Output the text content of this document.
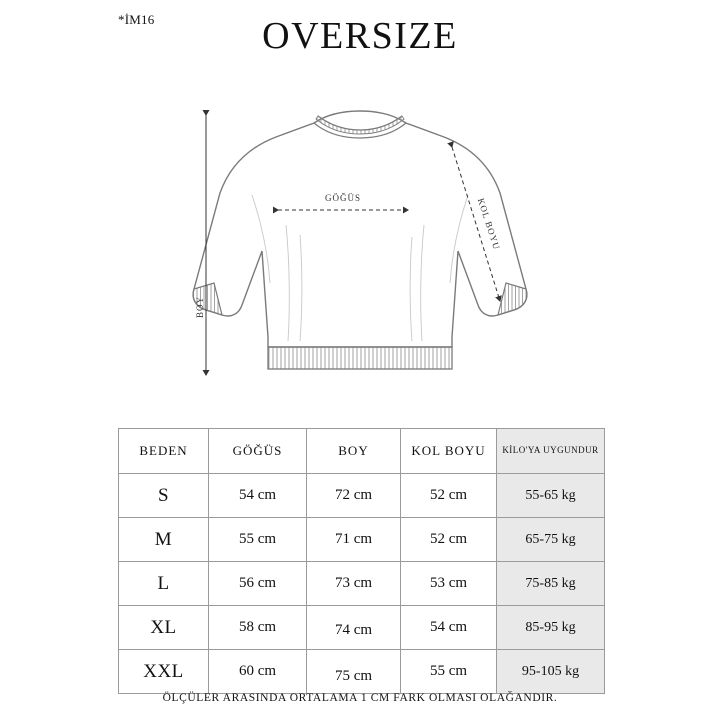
*İM16	OVERSIZE
BOY
GÖĞÜS	KOL BOYU
BEDEN	GÖĞÜS	BOY	KOL BOYU	KİLO'YA UYGUNDUR
S	54 cm	72 cm	52 cm	55-65 kg
M	55 cm	71 cm	52 cm	65-75 kg
L	56 cm	73 cm	53 cm	75-85 kg
XL	58 cm	74 cm	54 cm	85-95 kg
XXL	60 cm	75 cm	55 cm	95-105 kg
ÖLÇÜLER ARASINDA ORTALAMA 1 CM FARK OLMASI OLAĞANDIR.
